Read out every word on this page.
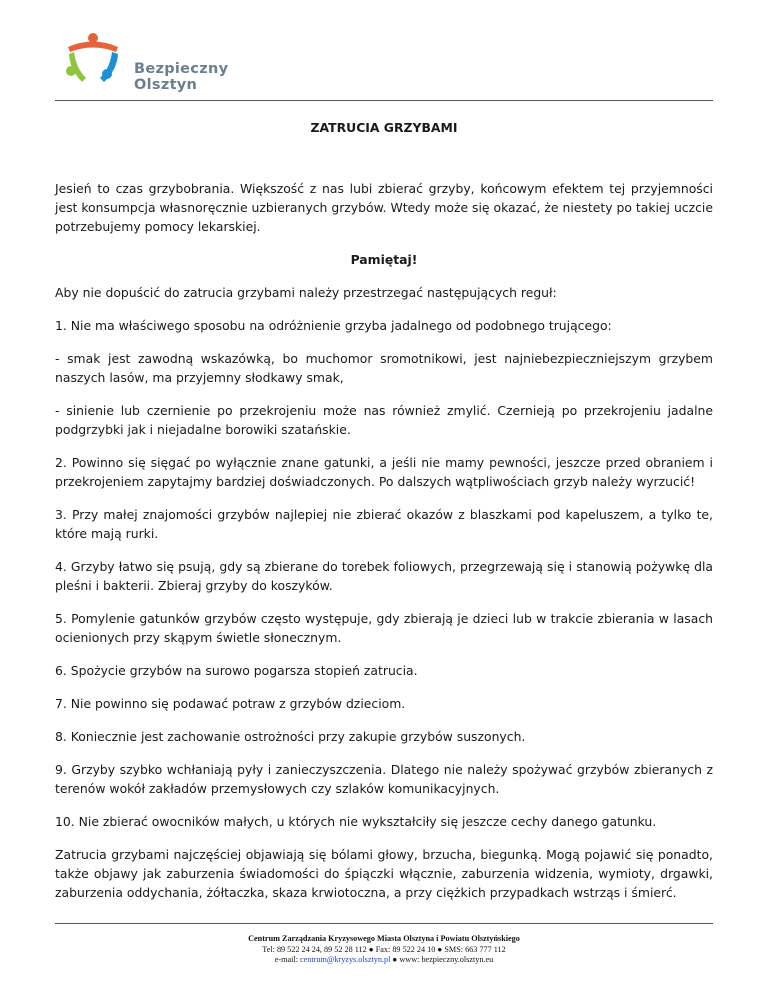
Bezpieczny
Olsztyn
ZATRUCIA GRZYBAMI

Jesień to czas grzybobrania. Większość z nas lubi zbierać grzyby, końcowym efektem tej przyjemności jest konsumpcja własnoręcznie uzbieranych grzybów. Wtedy może się okazać, że niestety po takiej uczcie potrzebujemy pomocy lekarskiej.

Pamiętaj!

Aby nie dopuścić do zatrucia grzybami należy przestrzegać następujących reguł:

1. Nie ma właściwego sposobu na odróżnienie grzyba jadalnego od podobnego trującego:

- smak jest zawodną wskazówką, bo muchomor sromotnikowi, jest najniebezpieczniejszym grzybem naszych lasów, ma przyjemny słodkawy smak,

- sinienie lub czernienie po przekrojeniu może nas również zmylić. Czernieją po przekrojeniu jadalne podgrzybki jak i niejadalne borowiki szatańskie.

2. Powinno się sięgać po wyłącznie znane gatunki, a jeśli nie mamy pewności, jeszcze przed obraniem i przekrojeniem zapytajmy bardziej doświadczonych. Po dalszych wątpliwościach grzyb należy wyrzucić!

3. Przy małej znajomości grzybów najlepiej nie zbierać okazów z blaszkami pod kapeluszem, a tylko te, które mają rurki.

4. Grzyby łatwo się psują, gdy są zbierane do torebek foliowych, przegrzewają się i stanowią pożywkę dla pleśni i bakterii. Zbieraj grzyby do koszyków.

5. Pomylenie gatunków grzybów często występuje, gdy zbierają je dzieci lub w trakcie zbierania w lasach ocienionych przy skąpym świetle słonecznym.

6. Spożycie grzybów na surowo pogarsza stopień zatrucia.

7. Nie powinno się podawać potraw z grzybów dzieciom.

8. Koniecznie jest zachowanie ostrożności przy zakupie grzybów suszonych.

9. Grzyby szybko wchłaniają pyły i zanieczyszczenia. Dlatego nie należy spożywać grzybów zbieranych z terenów wokół zakładów przemysłowych czy szlaków komunikacyjnych.

10. Nie zbierać owocników małych, u których nie wykształciły się jeszcze cechy danego gatunku.

Zatrucia grzybami najczęściej objawiają się bólami głowy, brzucha, biegunką. Mogą pojawić się ponadto, także objawy jak zaburzenia świadomości do śpiączki włącznie, zaburzenia widzenia, wymioty, drgawki, zaburzenia oddychania, żółtaczka, skaza krwiotoczna, a przy ciężkich przypadkach wstrząs i śmierć.

Centrum Zarządzania Kryzysowego Miasta Olsztyna i Powiatu Olsztyńskiego
Tel: 89 522 24 24, 89 52 28 112 ● Fax: 89 522 24 10 ● SMS: 663 777 112
e-mail: centrum@kryzys.olsztyn.pl ● www: bezpieczny.olsztyn.eu
